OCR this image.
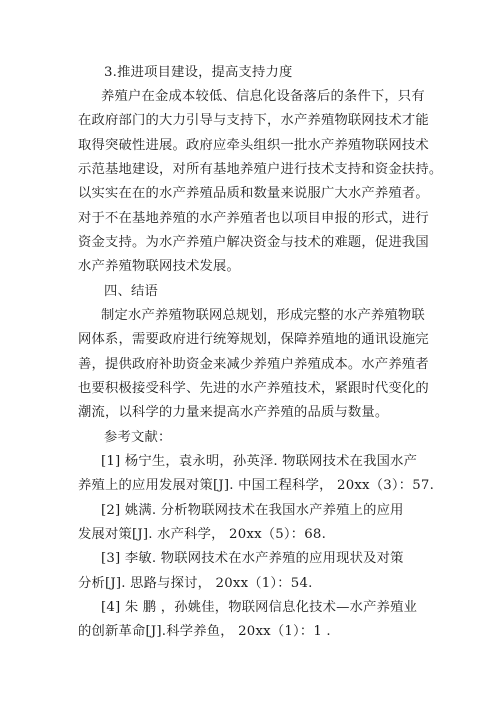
3.推进项目建设，提高支持力度
养殖户在金成本较低、信息化设备落后的条件下，只有
在政府部门的大力引导与支持下，水产养殖物联网技术才能
取得突破性进展。政府应牵头组织一批水产养殖物联网技术
示范基地建设，对所有基地养殖户进行技术支持和资金扶持。
以实实在在的水产养殖品质和数量来说服广大水产养殖者。
对于不在基地养殖的水产养殖者也以项目申报的形式，进行
资金支持。为水产养殖户解决资金与技术的难题，促进我国
水产养殖物联网技术发展。
四、结语
制定水产养殖物联网总规划，形成完整的水产养殖物联
网体系，需要政府进行统筹规划，保障养殖地的通讯设施完
善，提供政府补助资金来减少养殖户养殖成本。水产养殖者
也要积极接受科学、先进的水产养殖技术，紧跟时代变化的
潮流，以科学的力量来提高水产养殖的品质与数量。
参考文献：
[1] 杨宁生，袁永明，孙英泽. 物联网技术在我国水产
养殖上的应用发展对策[J]. 中国工程科学， 20xx（3）：57.
[2] 姚满. 分析物联网技术在我国水产养殖上的应用
发展对策[J]. 水产科学， 20xx（5）：68.
[3] 李敏. 物联网技术在水产养殖的应用现状及对策
分析[J]. 思路与探讨， 20xx（1）：54.
[4] 朱 鹏 ，孙姚佳，物联网信息化技术—水产养殖业
的创新革命[J].科学养鱼， 20xx（1）：1 .
